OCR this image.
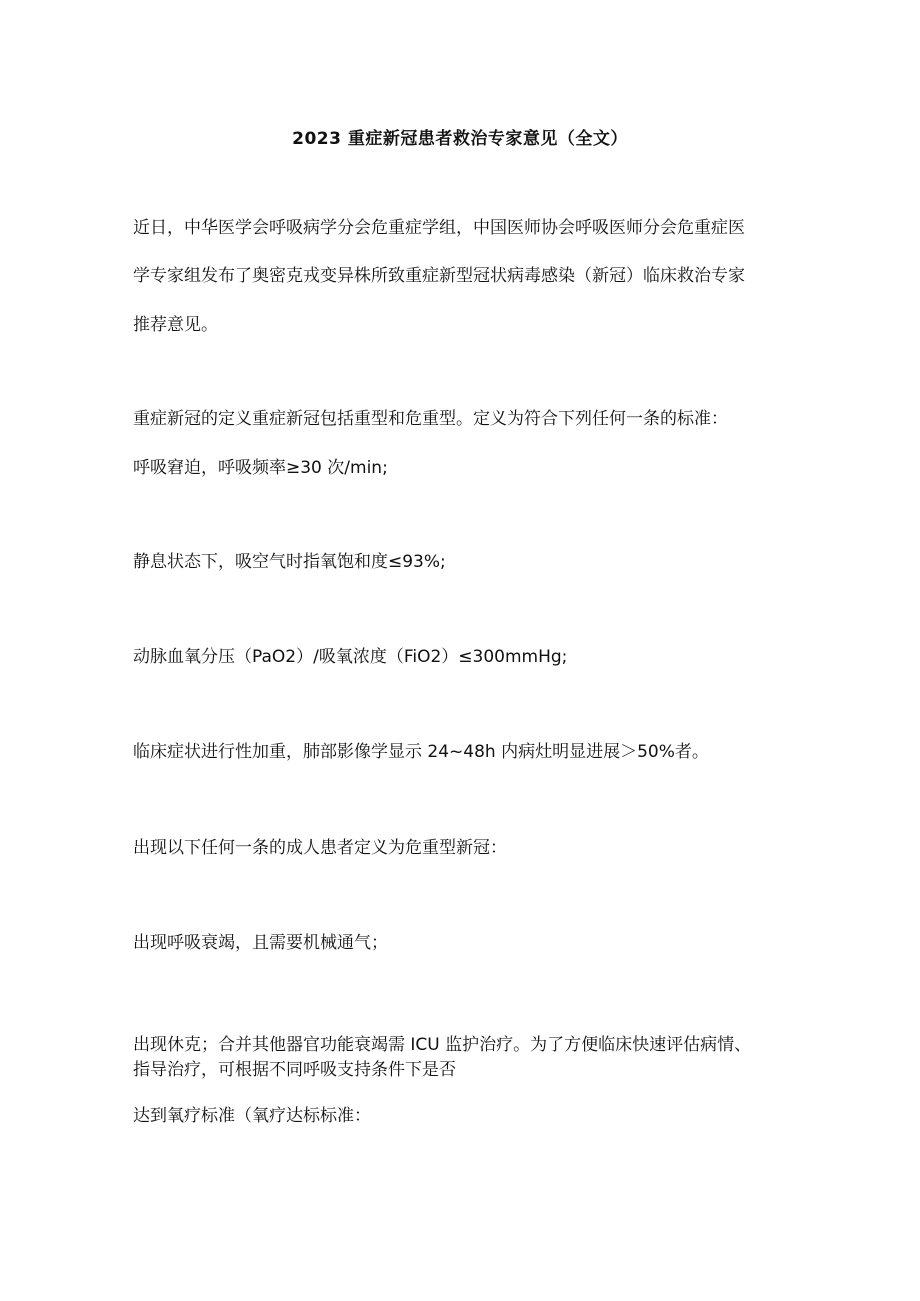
2023 重症新冠患者救治专家意见（全文）
近日，中华医学会呼吸病学分会危重症学组，中国医师协会呼吸医师分会危重症医
学专家组发布了奥密克戎变异株所致重症新型冠状病毒感染（新冠）临床救治专家
推荐意见。
重症新冠的定义重症新冠包括重型和危重型。定义为符合下列任何一条的标准：
呼吸窘迫，呼吸频率≥30 次/min;
静息状态下，吸空气时指氧饱和度≤93%;
动脉血氧分压（PaO2）/吸氧浓度（FiO2）≤300mmHg;
临床症状进行性加重，肺部影像学显示 24~48h 内病灶明显进展＞50%者。
出现以下任何一条的成人患者定义为危重型新冠：
出现呼吸衰竭，且需要机械通气；
出现休克；合并其他器官功能衰竭需 ICU 监护治疗。为了方便临床快速评估病情、
指导治疗，可根据不同呼吸支持条件下是否
达到氧疗标准（氧疗达标标准：
